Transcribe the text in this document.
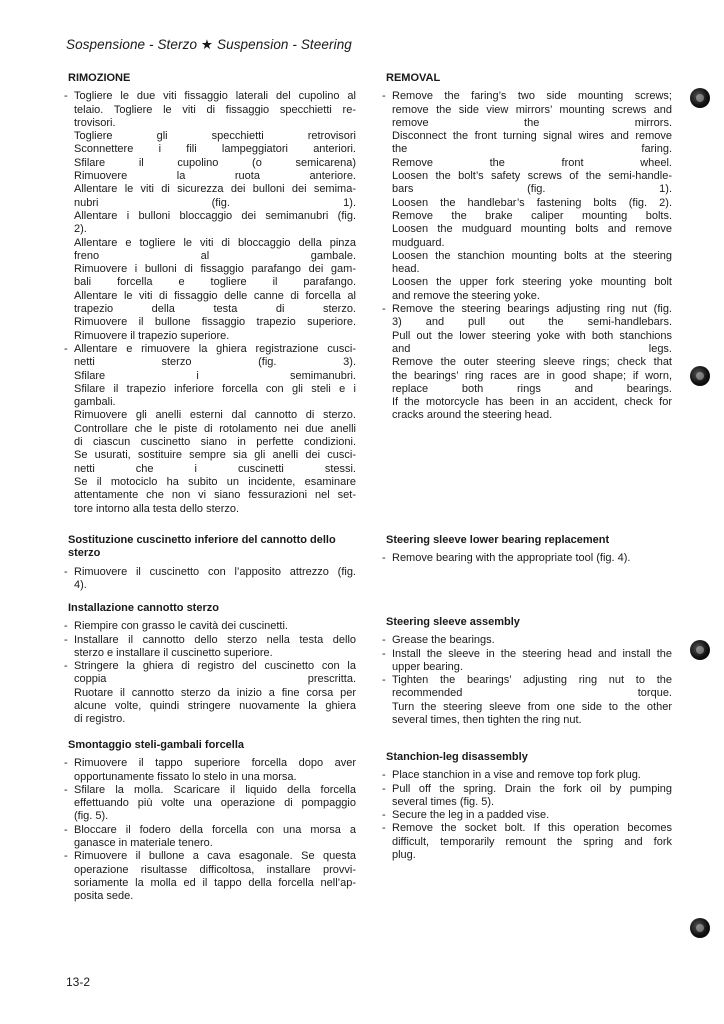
Sospensione - Sterzo ★ Suspension - Steering
RIMOZIONE
- Togliere le due viti fissaggio laterali del cupolino al
telaio. Togliere le viti di fissaggio specchietti re-
trovisori.
Togliere gli specchietti retrovisori
Sconnettere i fili lampeggiatori anteriori.
Sfilare il cupolino (o semicarena)
Rimuovere la ruota anteriore.
Allentare le viti di sicurezza dei bulloni dei semima-
nubri (fig. 1).
Allentare i bulloni bloccaggio dei semimanubri (fig.
2).
Allentare e togliere le viti di bloccaggio della pinza
freno al gambale.
Rimuovere i bulloni di fissaggio parafango dei gam-
bali forcella e togliere il parafango.
Allentare le viti di fissaggio delle canne di forcella al
trapezio della testa di sterzo.
Rimuovere il bullone fissaggio trapezio superiore.
Rimuovere il trapezio superiore.
- Allentare e rimuovere la ghiera registrazione cusci-
netti sterzo (fig. 3).
Sfilare i semimanubri.
Sfilare il trapezio inferiore forcella con gli steli e i
gambali.
Rimuovere gli anelli esterni dal cannotto di sterzo.
Controllare che le piste di rotolamento nei due anelli
di ciascun cuscinetto siano in perfette condizioni.
Se usurati, sostituire sempre sia gli anelli dei cusci-
netti che i cuscinetti stessi.
Se il motociclo ha subito un incidente, esaminare
attentamente che non vi siano fessurazioni nel set-
tore intorno alla testa dello sterzo.
Sostituzione cuscinetto inferiore del cannotto dello sterzo
- Rimuovere il cuscinetto con l’apposito attrezzo (fig.
4).
Installazione cannotto sterzo
- Riempire con grasso le cavità dei cuscinetti.
- Installare il cannotto dello sterzo nella testa dello
sterzo e installare il cuscinetto superiore.
- Stringere la ghiera di registro del cuscinetto con la
coppia prescritta.
Ruotare il cannotto sterzo da inizio a fine corsa per
alcune volte, quindi stringere nuovamente la ghiera
di registro.
Smontaggio steli-gambali forcella
- Rimuovere il tappo superiore forcella dopo aver
opportunamente fissato lo stelo in una morsa.
- Sfilare la molla. Scaricare il liquido della forcella
effettuando più volte una operazione di pompaggio
(fig. 5).
- Bloccare il fodero della forcella con una morsa a
ganasce in materiale tenero.
- Rimuovere il bullone a cava esagonale. Se questa
operazione risultasse difficoltosa, installare provvi-
soriamente la molla ed il tappo della forcella nell’ap-
posita sede.
REMOVAL
- Remove the faring’s two side mounting screws;
remove the side view mirrors’ mounting screws and
remove the mirrors.
Disconnect the front turning signal wires and remove
the faring.
Remove the front wheel.
Loosen the bolt’s safety screws of the semi-handle-
bars (fig. 1).
Loosen the handlebar’s fastening bolts (fig. 2).
Remove the brake caliper mounting bolts.
Loosen the mudguard mounting bolts and remove
mudguard.
Loosen the stanchion mounting bolts at the steering
head.
Loosen the upper fork steering yoke mounting bolt
and remove the steering yoke.
- Remove the steering bearings adjusting ring nut (fig.
3) and pull out the semi-handlebars.
Pull out the lower steering yoke with both stanchions
and legs.
Remove the outer steering sleeve rings; check that
the bearings’ ring races are in good shape; if worn,
replace both rings and bearings.
If the motorcycle has been in an accident, check for
cracks around the steering head.
Steering sleeve lower bearing replacement
- Remove bearing with the appropriate tool (fig. 4).
Steering sleeve assembly
- Grease the bearings.
- Install the sleeve in the steering head and install the
upper bearing.
- Tighten the bearings’ adjusting ring nut to the
recommended torque.
Turn the steering sleeve from one side to the other
several times, then tighten the ring nut.
Stanchion-leg disassembly
- Place stanchion in a vise and remove top fork plug.
- Pull off the spring. Drain the fork oil by pumping
several times (fig. 5).
- Secure the leg in a padded vise.
- Remove the socket bolt. If this operation becomes
difficult, temporarily remount the spring and fork
plug.
13-2
